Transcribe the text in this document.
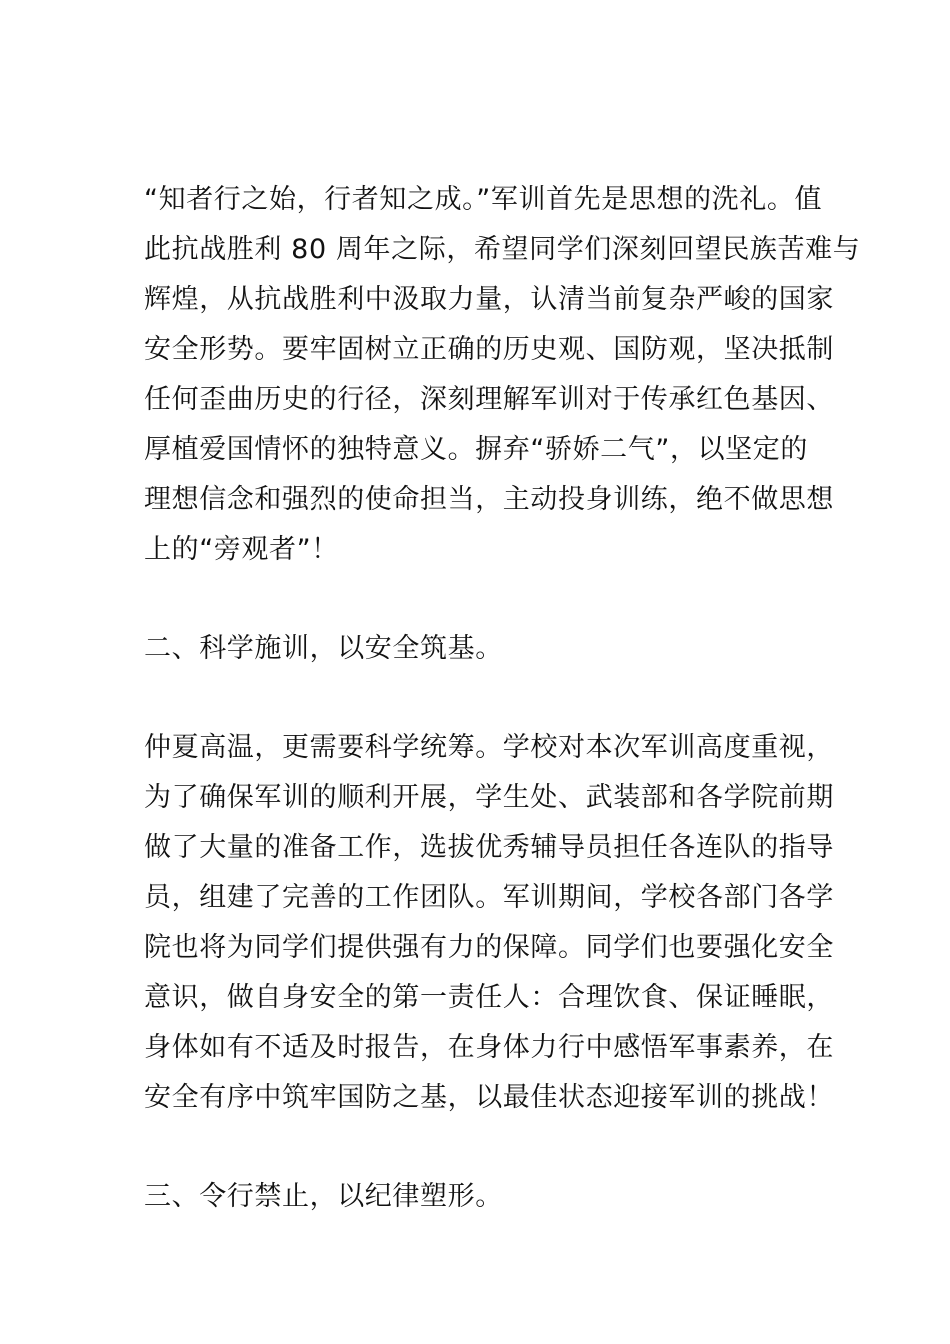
“知者行之始，行者知之成。”军训首先是思想的洗礼。值
此抗战胜利 80 周年之际，希望同学们深刻回望民族苦难与
辉煌，从抗战胜利中汲取力量，认清当前复杂严峻的国家
安全形势。要牢固树立正确的历史观、国防观，坚决抵制
任何歪曲历史的行径，深刻理解军训对于传承红色基因、
厚植爱国情怀的独特意义。摒弃“骄娇二气”，以坚定的
理想信念和强烈的使命担当，主动投身训练，绝不做思想
上的“旁观者”！
二、科学施训，以安全筑基。
仲夏高温，更需要科学统筹。学校对本次军训高度重视，
为了确保军训的顺利开展，学生处、武装部和各学院前期
做了大量的准备工作，选拔优秀辅导员担任各连队的指导
员，组建了完善的工作团队。军训期间，学校各部门各学
院也将为同学们提供强有力的保障。同学们也要强化安全
意识，做自身安全的第一责任人：合理饮食、保证睡眠，
身体如有不适及时报告，在身体力行中感悟军事素养，在
安全有序中筑牢国防之基，以最佳状态迎接军训的挑战！
三、令行禁止，以纪律塑形。
